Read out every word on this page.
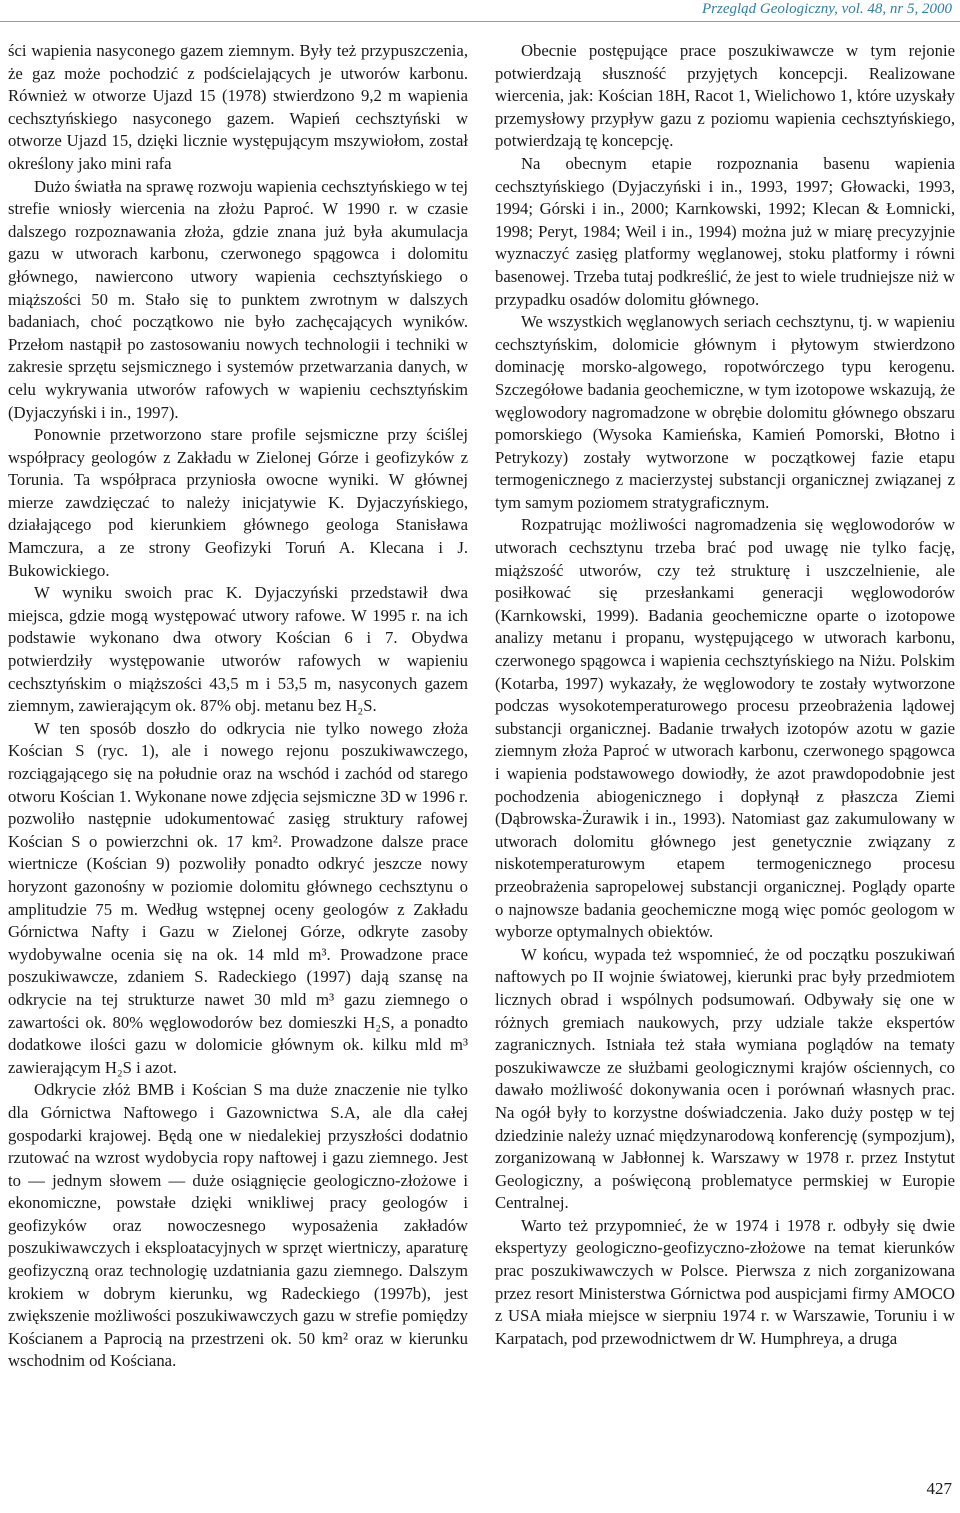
Przegląd Geologiczny, vol. 48, nr 5, 2000

ści wapienia nasyconego gazem ziemnym. Były też przypuszczenia, że gaz może pochodzić z podścielających je utworów karbonu. Również w otworze Ujazd 15 (1978) stwierdzono 9,2 m wapienia cechsztyńskiego nasyconego gazem. Wapień cechsztyński w otworze Ujazd 15, dzięki licznie występującym mszywiołom, został określony jako mini rafa

Dużo światła na sprawę rozwoju wapienia cechsztyńskiego w tej strefie wniosły wiercenia na złożu Paproć. W 1990 r. w czasie dalszego rozpoznawania złoża, gdzie znana już była akumulacja gazu w utworach karbonu, czerwonego spągowca i dolomitu głównego, nawiercono utwory wapienia cechsztyńskiego o miąższości 50 m. Stało się to punktem zwrotnym w dalszych badaniach, choć początkowo nie było zachęcających wyników. Przełom nastąpił po zastosowaniu nowych technologii i techniki w zakresie sprzętu sejsmicznego i systemów przetwarzania danych, w celu wykrywania utworów rafowych w wapieniu cechsztyńskim (Dyjaczyński i in., 1997).

Ponownie przetworzono stare profile sejsmiczne przy ściślej współpracy geologów z Zakładu w Zielonej Górze i geofizyków z Torunia. Ta współpraca przyniosła owocne wyniki. W głównej mierze zawdzięczać to należy inicjatywie K. Dyjaczyńskiego, działającego pod kierunkiem głównego geologa Stanisława Mamczura, a ze strony Geofizyki Toruń A. Klecana i J. Bukowickiego.

W wyniku swoich prac K. Dyjaczyński przedstawił dwa miejsca, gdzie mogą występować utwory rafowe. W 1995 r. na ich podstawie wykonano dwa otwory Kościan 6 i 7. Obydwa potwierdziły występowanie utworów rafowych w wapieniu cechsztyńskim o miąższości 43,5 m i 53,5 m, nasyconych gazem ziemnym, zawierającym ok. 87% obj. metanu bez H₂S.

W ten sposób doszło do odkrycia nie tylko nowego złoża Kościan S (ryc. 1), ale i nowego rejonu poszukiwawczego, rozciągającego się na południe oraz na wschód i zachód od starego otworu Kościan 1. Wykonane nowe zdjęcia sejsmiczne 3D w 1996 r. pozwoliło następnie udokumentować zasięg struktury rafowej Kościan S o powierzchni ok. 17 km². Prowadzone dalsze prace wiertnicze (Kościan 9) pozwoliły ponadto odkryć jeszcze nowy horyzont gazonośny w poziomie dolomitu głównego cechsztynu o amplitudzie 75 m. Według wstępnej oceny geologów z Zakładu Górnictwa Nafty i Gazu w Zielonej Górze, odkryte zasoby wydobywalne ocenia się na ok. 14 mld m³. Prowadzone prace poszukiwawcze, zdaniem S. Radeckiego (1997) dają szansę na odkrycie na tej strukturze nawet 30 mld m³ gazu ziemnego o zawartości ok. 80% węglowodorów bez domieszki H₂S, a ponadto dodatkowe ilości gazu w dolomicie głównym ok. kilku mld m³ zawierającym H₂S i azot.

Odkrycie złóż BMB i Kościan S ma duże znaczenie nie tylko dla Górnictwa Naftowego i Gazownictwa S.A, ale dla całej gospodarki krajowej. Będą one w niedalekiej przyszłości dodatnio rzutować na wzrost wydobycia ropy naftowej i gazu ziemnego. Jest to — jednym słowem — duże osiągnięcie geologiczno-złożowe i ekonomiczne, powstałe dzięki wnikliwej pracy geologów i geofizyków oraz nowoczesnego wyposażenia zakładów poszukiwawczych i eksploatacyjnych w sprzęt wiertniczy, aparaturę geofizyczną oraz technologię uzdatniania gazu ziemnego. Dalszym krokiem w dobrym kierunku, wg Radeckiego (1997b), jest zwiększenie możliwości poszukiwawczych gazu w strefie pomiędzy Kościanem a Paprocią na przestrzeni ok. 50 km² oraz w kierunku wschodnim od Kościana.

Obecnie postępujące prace poszukiwawcze w tym rejonie potwierdzają słuszność przyjętych koncepcji. Realizowane wiercenia, jak: Kościan 18H, Racot 1, Wielichowo 1, które uzyskały przemysłowy przypływ gazu z poziomu wapienia cechsztyńskiego, potwierdzają tę koncepcję.

Na obecnym etapie rozpoznania basenu wapienia cechsztyńskiego (Dyjaczyński i in., 1993, 1997; Głowacki, 1993, 1994; Górski i in., 2000; Karnkowski, 1992; Klecan & Łomnicki, 1998; Peryt, 1984; Weil i in., 1994) można już w miarę precyzyjnie wyznaczyć zasięg platformy węglanowej, stoku platformy i równi basenowej. Trzeba tutaj podkreślić, że jest to wiele trudniejsze niż w przypadku osadów dolomitu głównego.

We wszystkich węglanowych seriach cechsztynu, tj. w wapieniu cechsztyńskim, dolomicie głównym i płytowym stwierdzono dominację morsko-algowego, ropotwórczego typu kerogenu. Szczegółowe badania geochemiczne, w tym izotopowe wskazują, że węglowodory nagromadzone w obrębie dolomitu głównego obszaru pomorskiego (Wysoka Kamieńska, Kamień Pomorski, Błotno i Petrykozy) zostały wytworzone w początkowej fazie etapu termogenicznego z macierzystej substancji organicznej związanej z tym samym poziomem stratygraficznym.

Rozpatrując możliwości nagromadzenia się węglowodorów w utworach cechsztynu trzeba brać pod uwagę nie tylko fację, miąższość utworów, czy też strukturę i uszczelnienie, ale posiłkować się przesłankami generacji węglowodorów (Karnkowski, 1999). Badania geochemiczne oparte o izotopowe analizy metanu i propanu, występującego w utworach karbonu, czerwonego spągowca i wapienia cechsztyńskiego na Niżu. Polskim (Kotarba, 1997) wykazały, że węglowodory te zostały wytworzone podczas wysokotemperaturowego procesu przeobrażenia lądowej substancji organicznej. Badanie trwałych izotopów azotu w gazie ziemnym złoża Paproć w utworach karbonu, czerwonego spągowca i wapienia podstawowego dowiodły, że azot prawdopodobnie jest pochodzenia abiogenicznego i dopłynął z płaszcza Ziemi (Dąbrowska-Żurawik i in., 1993). Natomiast gaz zakumulowany w utworach dolomitu głównego jest genetycznie związany z niskotemperaturowym etapem termogenicznego procesu przeobrażenia sapropelowej substancji organicznej. Poglądy oparte o najnowsze badania geochemiczne mogą więc pomóc geologom w wyborze optymalnych obiektów.

W końcu, wypada też wspomnieć, że od początku poszukiwań naftowych po II wojnie światowej, kierunki prac były przedmiotem licznych obrad i wspólnych podsumowań. Odbywały się one w różnych gremiach naukowych, przy udziale także ekspertów zagranicznych. Istniała też stała wymiana poglądów na tematy poszukiwawcze ze służbami geologicznymi krajów ościennych, co dawało możliwość dokonywania ocen i porównań własnych prac. Na ogół były to korzystne doświadczenia. Jako duży postęp w tej dziedzinie należy uznać międzynarodową konferencję (sympozjum), zorganizowaną w Jabłonnej k. Warszawy w 1978 r. przez Instytut Geologiczny, a poświęconą problematyce permskiej w Europie Centralnej.

Warto też przypomnieć, że w 1974 i 1978 r. odbyły się dwie ekspertyzy geologiczno-geofizyczno-złożowe na temat kierunków prac poszukiwawczych w Polsce. Pierwsza z nich zorganizowana przez resort Ministerstwa Górnictwa pod auspicjami firmy AMOCO z USA miała miejsce w sierpniu 1974 r. w Warszawie, Toruniu i w Karpatach, pod przewodnictwem dr W. Humphreya, a druga

427
